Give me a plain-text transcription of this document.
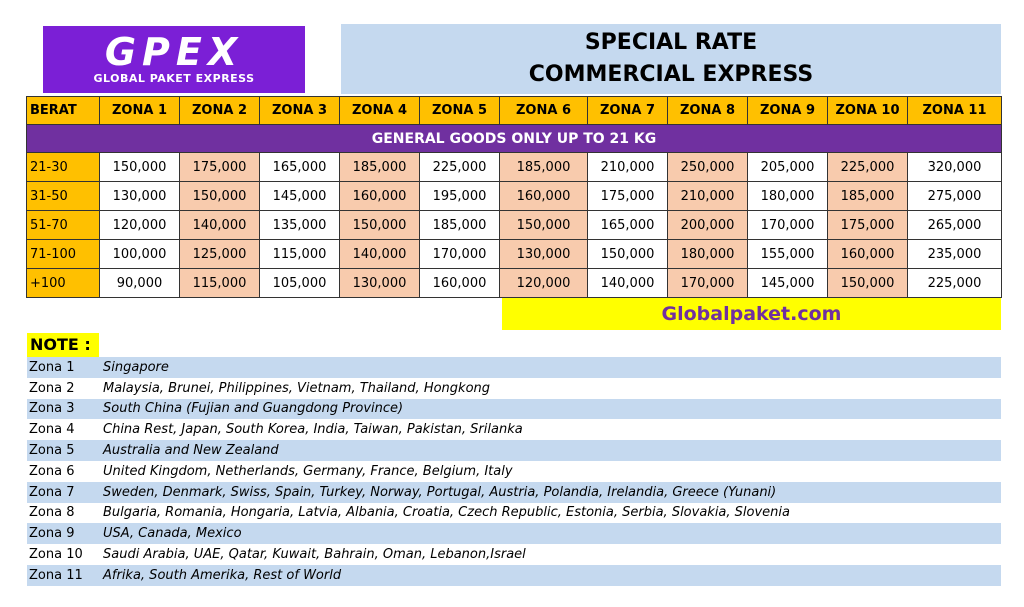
GPEX
GLOBAL PAKET EXPRESS
SPECIAL RATE
COMMERCIAL EXPRESS
BERAT	ZONA 1	ZONA 2	ZONA 3	ZONA 4	ZONA 5	ZONA 6	ZONA 7	ZONA 8	ZONA 9	ZONA 10	ZONA 11
GENERAL GOODS ONLY UP TO 21 KG											
21-30	150,000	175,000	165,000	185,000	225,000	185,000	210,000	250,000	205,000	225,000	320,000
31-50	130,000	150,000	145,000	160,000	195,000	160,000	175,000	210,000	180,000	185,000	275,000
51-70	120,000	140,000	135,000	150,000	185,000	150,000	165,000	200,000	170,000	175,000	265,000
71-100	100,000	125,000	115,000	140,000	170,000	130,000	150,000	180,000	155,000	160,000	235,000
+100	90,000	115,000	105,000	130,000	160,000	120,000	140,000	170,000	145,000	150,000	225,000
Globalpaket.com
NOTE :
Zona 1	Singapore
Zona 2	Malaysia, Brunei, Philippines, Vietnam, Thailand, Hongkong
Zona 3	South China (Fujian and Guangdong Province)
Zona 4	China Rest, Japan, South Korea, India, Taiwan, Pakistan, Srilanka
Zona 5	Australia and New Zealand
Zona 6	United Kingdom, Netherlands, Germany, France, Belgium, Italy
Zona 7	Sweden, Denmark, Swiss, Spain, Turkey, Norway, Portugal, Austria, Polandia, Irelandia, Greece (Yunani)
Zona 8	Bulgaria, Romania, Hongaria, Latvia, Albania, Croatia, Czech Republic, Estonia, Serbia, Slovakia, Slovenia
Zona 9	USA, Canada, Mexico
Zona 10	Saudi Arabia, UAE, Qatar, Kuwait, Bahrain, Oman, Lebanon,Israel
Zona 11	Afrika, South Amerika, Rest of World
